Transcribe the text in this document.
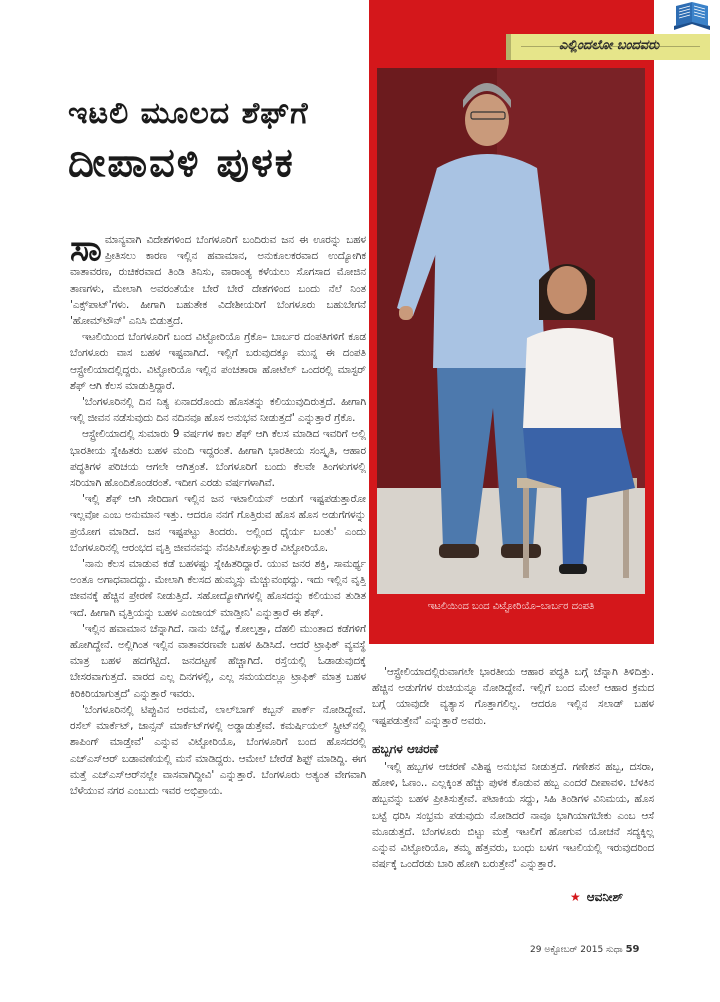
ಎಲ್ಲಿಂದಲೋ ಬಂದವರು
ಇಟಲಿಯಿಂದ ಬಂದ ವಿಟ್ಟೋರಿಯೊ–ಬಾರ್ಬರ ದಂಪತಿ
ಇಟಲಿ ಮೂಲದ ಶೆಫ್‌ಗೆ
ದೀಪಾವಳಿ ಪುಳಕ

ಸಾಮಾನ್ಯವಾಗಿ ವಿದೇಶಗಳಿಂದ ಬೆಂಗಳೂರಿಗೆ ಬಂದಿರುವ ಜನ ಈ ಊರನ್ನು ಬಹಳ ಪ್ರೀತಿಸಲು ಕಾರಣ ಇಲ್ಲಿನ ಹವಾಮಾನ, ಅನುಕೂಲಕರವಾದ ಉದ್ಯೋಗಿಕ ವಾತಾವರಣ, ರುಚಿಕರವಾದ ತಿಂಡಿ ತಿನಿಸು, ವಾರಾಂತ್ಯ ಕಳೆಯಲು ಸೊಗಸಾದ ಮೋಜಿನ ತಾಣಗಳು, ಮೇಲಾಗಿ ಅವರಂತೆಯೇ ಬೇರೆ ಬೇರೆ ದೇಶಗಳಿಂದ ಬಂದು ನೆಲೆ ನಿಂತ 'ಎಕ್ಸ್‌ಪಾಟ್'ಗಳು. ಹೀಗಾಗಿ ಬಹುತೇಕ ವಿದೇಶೀಯರಿಗೆ ಬೆಂಗಳೂರು ಬಹುಬೇಗನೆ 'ಹೋಮ್‌ಟೌನ್' ಎನಿಸಿ ಬಿಡುತ್ತದೆ.

ಇಟಲಿಯಿಂದ ಬೆಂಗಳೂರಿಗೆ ಬಂದ ವಿಟ್ಟೋರಿಯೊ ಗ್ರೆಕೊ– ಬಾರ್ಬರ ದಂಪತಿಗಳಿಗೆ ಕೂಡ ಬೆಂಗಳೂರು ವಾಸ ಬಹಳ ಇಷ್ಟವಾಗಿದೆ. ಇಲ್ಲಿಗೆ ಬರುವುದಕ್ಕೂ ಮುನ್ನ ಈ ದಂಪತಿ ಆಸ್ಟ್ರೇಲಿಯಾದಲ್ಲಿದ್ದರು. ವಿಟ್ಟೋರಿಯೊ ಇಲ್ಲಿನ ಪಂಚತಾರಾ ಹೋಟೆಲ್ ಒಂದರಲ್ಲಿ ಮಾಸ್ಟರ್ ಶೆಫ್ ಆಗಿ ಕೆಲಸ ಮಾಡುತ್ತಿದ್ದಾರೆ.

'ಬೆಂಗಳೂರಿನಲ್ಲಿ ದಿನ ನಿತ್ಯ ಏನಾದರೊಂದು ಹೊಸತನ್ನು ಕಲಿಯುವುದಿರುತ್ತದೆ. ಹೀಗಾಗಿ ಇಲ್ಲಿ ಜೀವನ ನಡೆಸುವುದು ದಿನ ನದಿನವೂ ಹೊಸ ಅನುಭವ ನೀಡುತ್ತದೆ' ಎನ್ನುತ್ತಾರೆ ಗ್ರೆಕೊ.

ಆಸ್ಟ್ರೇಲಿಯಾದಲ್ಲಿ ಸುಮಾರು 9 ವರ್ಷಗಳ ಕಾಲ ಶೆಫ್ ಆಗಿ ಕೆಲಸ ಮಾಡಿದ ಇವರಿಗೆ ಅಲ್ಲಿ ಭಾರತೀಯ ಸ್ನೇಹಿತರು ಬಹಳ ಮಂದಿ ಇದ್ದರಂತೆ. ಹೀಗಾಗಿ ಭಾರತೀಯ ಸಂಸ್ಕೃತಿ, ಆಹಾರ ಪದ್ಧತಿಗಳ ಪರಿಚಯ ಆಗಲೇ ಆಗಿತ್ತಂತೆ. ಬೆಂಗಳೂರಿಗೆ ಬಂದು ಕೆಲವೇ ತಿಂಗಳುಗಳಲ್ಲಿ ಸರಿಯಾಗಿ ಹೊಂದಿಕೊಂಡರಂತೆ. ಇದೀಗ ಎರಡು ವರ್ಷಗಳಾಗಿವೆ.

'ಇಲ್ಲಿ ಶೆಫ್ ಆಗಿ ಸೇರಿದಾಗ ಇಲ್ಲಿನ ಜನ ಇಟಾಲಿಯನ್ ಅಡುಗೆ ಇಷ್ಟಪಡುತ್ತಾರೋ ಇಲ್ಲವೋ ಎಂಬ ಅನುಮಾನ ಇತ್ತು. ಆದರೂ ನನಗೆ ಗೊತ್ತಿರುವ ಹೊಸ ಹೊಸ ಅಡುಗೆಗಳನ್ನು ಪ್ರಯೋಗ ಮಾಡಿದೆ. ಜನ ಇಷ್ಟಪಟ್ಟು ತಿಂದರು. ಅಲ್ಲಿಂದ ಧೈರ್ಯ ಬಂತು' ಎಂದು ಬೆಂಗಳೂರಿನಲ್ಲಿ ಆರಂಭದ ವೃತ್ತಿ ಜೀವನವನ್ನು ನೆನಪಿಸಿಕೊಳ್ಳುತ್ತಾರೆ ವಿಟ್ಟೋರಿಯೊ.

'ನಾನು ಕೆಲಸ ಮಾಡುವ ಕಡೆ ಬಹಳಷ್ಟು ಸ್ನೇಹಿತರಿದ್ದಾರೆ. ಯುವ ಜನರ ಶಕ್ತಿ, ಸಾಮರ್ಥ್ಯ ಅಂತೂ ಅಗಾಧವಾದದ್ದು. ಮೇಲಾಗಿ ಕೆಲಸದ ಹುಮ್ಮಸ್ಸು ಮೆಚ್ಚುವಂಥದ್ದು. ಇದು ಇಲ್ಲಿನ ವೃತ್ತಿ ಜೀವನಕ್ಕೆ ಹೆಚ್ಚಿನ ಪ್ರೇರಣೆ ನೀಡುತ್ತಿದೆ. ಸಹೋದ್ಯೋಗಿಗಳಲ್ಲಿ ಹೊಸದನ್ನು ಕಲಿಯುವ ತುಡಿತ ಇದೆ. ಹೀಗಾಗಿ ವೃತ್ತಿಯನ್ನು ಬಹಳ ಎಂಜಾಯ್ ಮಾಡ್ತೀನಿ' ಎನ್ನುತ್ತಾರೆ ಈ ಶೆಫ್.

'ಇಲ್ಲಿನ ಹವಾಮಾನ ಚೆನ್ನಾಗಿದೆ. ನಾನು ಚೆನ್ನೈ, ಕೋಲ್ಕತ್ತಾ, ದೆಹಲಿ ಮುಂತಾದ ಕಡೆಗಳಿಗೆ ಹೋಗಿದ್ದೇನೆ. ಅಲ್ಲಿಗಿಂತ ಇಲ್ಲಿನ ವಾತಾವರಣವೇ ಬಹಳ ಹಿಡಿಸಿದೆ. ಆದರೆ ಟ್ರಾಫಿಕ್ ವ್ಯವಸ್ಥೆ ಮಾತ್ರ ಬಹಳ ಹದಗೆಟ್ಟಿದೆ. ಜನದಟ್ಟಣೆ ಹೆಚ್ಚಾಗಿದೆ. ರಸ್ತೆಯಲ್ಲಿ ಓಡಾಡುವುದಕ್ಕೆ ಬೇಸರವಾಗುತ್ತದೆ. ವಾರದ ಎಲ್ಲ ದಿನಗಳಲ್ಲಿ, ಎಲ್ಲ ಸಮಯದಲ್ಲೂ ಟ್ರಾಫಿಕ್ ಮಾತ್ರ ಬಹಳ ಕಿರಿಕಿರಿಯಾಗುತ್ತದೆ' ಎನ್ನುತ್ತಾರೆ ಇವರು.

'ಬೆಂಗಳೂರಿನಲ್ಲಿ ಟಿಪ್ಪುವಿನ ಅರಮನೆ, ಲಾಲ್‌ಬಾಗ್ ಕಬ್ಬನ್ ಪಾರ್ಕ್ ನೋಡಿದ್ದೇವೆ. ರಸೆಲ್ ಮಾರ್ಕೆಟ್, ಜಾನ್ಸನ್ ಮಾರ್ಕೆಟ್‌ಗಳಲ್ಲಿ ಅಡ್ಡಾಡುತ್ತೇವೆ. ಕಮರ್ಷಿಯಲ್ ಸ್ಟ್ರೀಟ್‌ನಲ್ಲಿ ಶಾಪಿಂಗ್ ಮಾಡ್ತೇವೆ' ಎನ್ನುವ ವಿಟ್ಟೋರಿಯೊ, ಬೆಂಗಳೂರಿಗೆ ಬಂದ ಹೊಸದರಲ್ಲಿ ಎಚ್‌ಎಸ್‌ಆರ್ ಬಡಾವಣೆಯಲ್ಲಿ ಮನೆ ಮಾಡಿದ್ದರು. ಆಮೇಲೆ ಬೇರೆಡೆ ಶಿಫ್ಟ್ ಮಾಡಿದ್ದಿ. ಈಗ ಮತ್ತೆ ಎಚ್‌ಎಸ್‌ಆರ್‌ನಲ್ಲೇ ವಾಸವಾಗಿದ್ದೀವಿ' ಎನ್ನುತ್ತಾರೆ. ಬೆಂಗಳೂರು ಅತ್ಯಂತ ವೇಗವಾಗಿ ಬೆಳೆಯುವ ನಗರ ಎಂಬುದು ಇವರ ಅಭಿಪ್ರಾಯ.

'ಆಸ್ಟ್ರೇಲಿಯಾದಲ್ಲಿರುವಾಗಲೇ ಭಾರತೀಯ ಆಹಾರ ಪದ್ಧತಿ ಬಗ್ಗೆ ಚೆನ್ನಾಗಿ ತಿಳಿದಿತ್ತು. ಹೆಚ್ಚಿನ ಅಡುಗೆಗಳ ರುಚಿಯನ್ನೂ ನೋಡಿದ್ದೇನೆ. ಇಲ್ಲಿಗೆ ಬಂದ ಮೇಲೆ ಆಹಾರ ಕ್ರಮದ ಬಗ್ಗೆ ಯಾವುದೇ ವ್ಯತ್ಯಾಸ ಗೊತ್ತಾಗಲಿಲ್ಲ. ಆದರೂ ಇಲ್ಲಿನ ಸಲಾಡ್ ಬಹಳ ಇಷ್ಟಪಡುತ್ತೇನೆ' ಎನ್ನುತ್ತಾರೆ ಅವರು.

ಹಬ್ಬಗಳ ಆಚರಣೆ

'ಇಲ್ಲಿ ಹಬ್ಬಗಳ ಆಚರಣೆ ವಿಶಿಷ್ಟ ಅನುಭವ ನೀಡುತ್ತದೆ. ಗಣೇಶನ ಹಬ್ಬ, ದಸರಾ, ಹೋಳಿ, ಓಣಂ.. ಎಲ್ಲಕ್ಕಿಂತ ಹೆಚ್ಚು ಪುಳಕ ಕೊಡುವ ಹಬ್ಬ ಎಂದರೆ ದೀಪಾವಳಿ. ಬೆಳಕಿನ ಹಬ್ಬವನ್ನು ಬಹಳ ಪ್ರೀತಿಸುತ್ತೇವೆ. ಪಟಾಕಿಯ ಸದ್ದು, ಸಿಹಿ ತಿಂಡಿಗಳ ವಿನಿಮಯ, ಹೊಸ ಬಟ್ಟೆ ಧರಿಸಿ ಸಂಭ್ರಮ ಪಡುವುದು ನೋಡಿದರೆ ನಾವೂ ಭಾಗಿಯಾಗಬೇಕು ಎಂಬ ಆಸೆ ಮೂಡುತ್ತದೆ. ಬೆಂಗಳೂರು ಬಿಟ್ಟು ಮತ್ತೆ ಇಟಲಿಗೆ ಹೋಗುವ ಯೋಚನೆ ಸದ್ಯಕ್ಕಿಲ್ಲ ಎನ್ನುವ ವಿಟ್ಟೋರಿಯೊ, ತಮ್ಮ ಹೆತ್ತವರು, ಬಂಧು ಬಳಗ ಇಟಲಿಯಲ್ಲಿ ಇರುವುದರಿಂದ ವರ್ಷಕ್ಕೆ ಒಂದೆರಡು ಬಾರಿ ಹೋಗಿ ಬರುತ್ತೇನೆ' ಎನ್ನುತ್ತಾರೆ.

★ ಆವನೀಶ್
29 ಅಕ್ಟೋಬರ್ 2015 ಸುಧಾ 59
